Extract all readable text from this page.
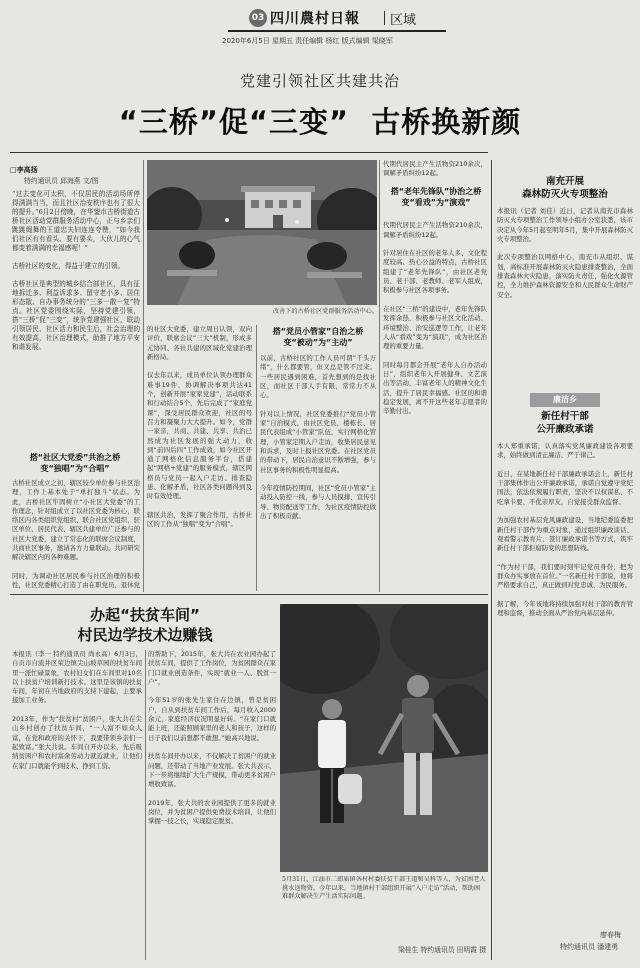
03 四川農村日報	区域
2020年6月5日 星期五 责任编辑 杨红 版式编辑 梁晓军
党建引领社区共建共治
“三桥”促“三变”  古桥换新颜
□李高扬
特约通讯员 邱海燕 文/图
“过去变化可太积，不仅居民的活动场所停得满满当当，而且社区治安秩序也有了很大的提升。”6月2日傍晚，在华蓥市古桥街道古桥社区活动党群服务活动中心，正与乡亲们跳跳绳舞的王道忠夫妇连连夸赞，“如今我们社区有有看头、要有要头，大伙儿的心气都变着满满的幸福感呢！”

古桥社区的变化，得益于建立的引领。

古桥社区是典型的城乡结合部社区，具有征地拆迁多、利益诉求多、留守老小多、居住形态散、自办事务统分的“三多一散一复”特点。社区党委围绕实际，坚持党建引领，搭“三桥”促“三变”，统争党建强社区，联动引领居民、社区活力和民生后，社会治理的有效提高，社区治理模式，助推了地方平安和谐发展。
搭“社区大党委”共治之桥
变“独唱”为“合唱”
古桥社区成立之初，辖区较少单位参与社区治理，工作上基本处于“单打独斗”状态。为此，古桥社区牢固树立“小社区大党委”的工作理念，针对组成立了以社区党委为核心，联络区内各类组织党组织、联合社区党组织，驻区单位、居民代表、辖区共建单位广泛参与的社区大党委，建立了常态化的联席会议制度，共商社区事务，邀请各方力量联动，共同研究解决辖区内的各种难题。

同时，为调动社区居民参与社区治理的积极性，社区党委精心打造了由在职党员、退休党
改善下的古桥社区党群服务活动中心。
的社区大党委，建立周日认领，双向评价，联席会议“三大”机制，形成多元协同、各社共建的区域化党建治理新格局。

仅去年以来，成员单位认领办理群众难事19件，协调解决事项共达41个，创新开展“家家党建”，活动联系和行动结合5个，先后完成了“家庭党课”，深受居民群众欢迎，社区的号召力和凝聚力大大提升。如今，党群一家亲，共商、共建、共享、共治已然成为社区发展的强大动力，收到“前四后四”工作成效，如今社区开通了网格化信息服务平台，搭建起“网格+党建”的服务模式，辖区网格员与党员一起入户走访、排查隐患、化解矛盾，社区各类问题得到及时有效处理。

辖区共治，发挥了聚合作用，古桥社区的工作从“独唱”变为“合唱”。
搭“党员小管家”自治之桥
变“被动”为“主动”
以前，古桥社区的工作人员可谓“千头万绪”，什么都要管，但又总是管不过来。一些居民遇到困难，首先想到的是找社区，而社区干部人手有限，常常力不从心。

针对以上情况，社区党委推行“党员小管家”自治模式，由社区党员、楼栋长、居民代表组成“小管家”队伍，实行网格化管理，小管家定期入户走访，收集居民意见和诉求，及时上报社区党委。在社区党员的带动下，居民自治意识不断增强，参与社区事务的积极性明显提高。

今年疫情防控期间，社区“党员小管家”主动投入防控一线，参与人员摸排、宣传引导、物资配送等工作，为社区疫情防控做出了积极贡献。
搭“老年先锋队”协治之桥
变“看戏”为“演戏”
代期代居民主产生活物资210余次，调解矛盾纠纷12起。

代期代居民主产生活物资210余次，调解矛盾纠纷12起。

针对居住在社区的老年人多、文化程度较高、热心公益的特点，古桥社区组建了“老年先锋队”，由社区老党员、老干部、老教师、老军人组成，积极参与社区各项事务。

在社区“三桥”的建设中，老年先锋队发挥余热，积极参与社区文化活动、环境整治、治安巡逻等工作，让老年人从“看戏”变为“演戏”，成为社区治理的重要力量。

同时每月都会开展“老年人自办活动日”，组织老年人开展健身、文艺演出等活动，丰富老年人的精神文化生活，提升了居民幸福感。社区的和谐稳定发展，离不开这些老年志愿者的辛勤付出。

南充开展
森林防灭火专项整治
本报讯（记者 刘佳）近日，记者从南充市森林防灭火专项整治工作领导小组办公室获悉，该市决定从今年5月起至明年5月，集中开展森林防灭火专项整治。

此次专项整治以网格中心，南充市从组织、谋划，高标准开展森林防灭火隐患排查整治，全面排查森林火灾隐患，落实防火责任，强化火源管控，全力维护森林资源安全和人民群众生命财产安全。
廉洁乡
新任村干部
公开廉政承诺
本人郑重承诺，认真落实党风廉政建设各项要求，始终做到清正廉洁、严于律己。

近日，在某地新任村干部廉政承诺会上，新任村干部集体作出公开廉政承诺，承诺自觉遵守党纪国法，依法依规履行职责，坚决不以权谋私、不吃拿卡要、不优亲厚友，自觉接受群众监督。

为加强农村基层党风廉政建设，当地纪委监委把新任村干部作为重点对象，通过组织廉政谈话、观看警示教育片、签订廉政承诺书等方式，筑牢新任村干部拒腐防变的思想防线。

“作为村干部，我们要时刻牢记党员身份，把为群众办实事放在首位。”一名新任村干部说，他将严格要求自己，真正做到对党忠诚、为民服务。

据了解，今年该地将持续加强对村干部的教育管理和监督，推动全面从严治党向基层延伸。
廖春梅
特约通讯员 潘建勇
办起“扶贫车间”
村民边学技术边赚钱
本报讯（李一 特约通讯员 尚永高）6月3日，自贡市自流井区荣边镇尖山坡草园的扶贫车间里一派忙碌景象，农村妇女们在车间里对10名以上扶贫户培训新打技术。这里是该镇的扶贫车间，年初在当地政府的支持下建起，主要承接加工业务。

2013年，作为“扶贫村”贫困户，张大共在尖山乡村创办了扶贫车间，“一人富不如众人富，在党和政府的关怀下，我要带领乡亲们一起致富。”张大共说。车间自开办以来，先后吸纳贫困户和农村富余劳动力就近就业，让他们在家门口就能学到技术、挣到工资。
的帮助下，2015年，张大共在农业园办起了扶贫车间，提供了工作岗位，为贫困群众在家门口就业创造条件，实现“就业一人、脱贫一户”。

今年51岁的张先生家住在边镇，曾是贫困户，自从到扶贫车间工作后，每月收入2000余元，家庭经济状况明显好转。“在家门口就能上班，还能照顾家里的老人和孩子，这样的日子我们以前想都不敢想。”她高兴地说。

扶贫车间开办以来，不仅解决了贫困户的就业问题，还带动了当地产业发展。张大共表示，下一步将继续扩大生产规模，带动更多贫困户增收致富。

2019年，张大共的农业园提供了更多的就业岗位，并为贫困户提供免费技术培训，让他们掌握一技之长，实现稳定脱贫。
5月31日，江油市二郎庙镇各村村委扶贫干部王道和吴科等人，为贫困老人挑水送物资。今年以来，当地镇村干部组织开展“入户走访”活动，帮助困难群众解决生产生活实际问题。
梁桂生 特约通讯员 田明霞 摄
